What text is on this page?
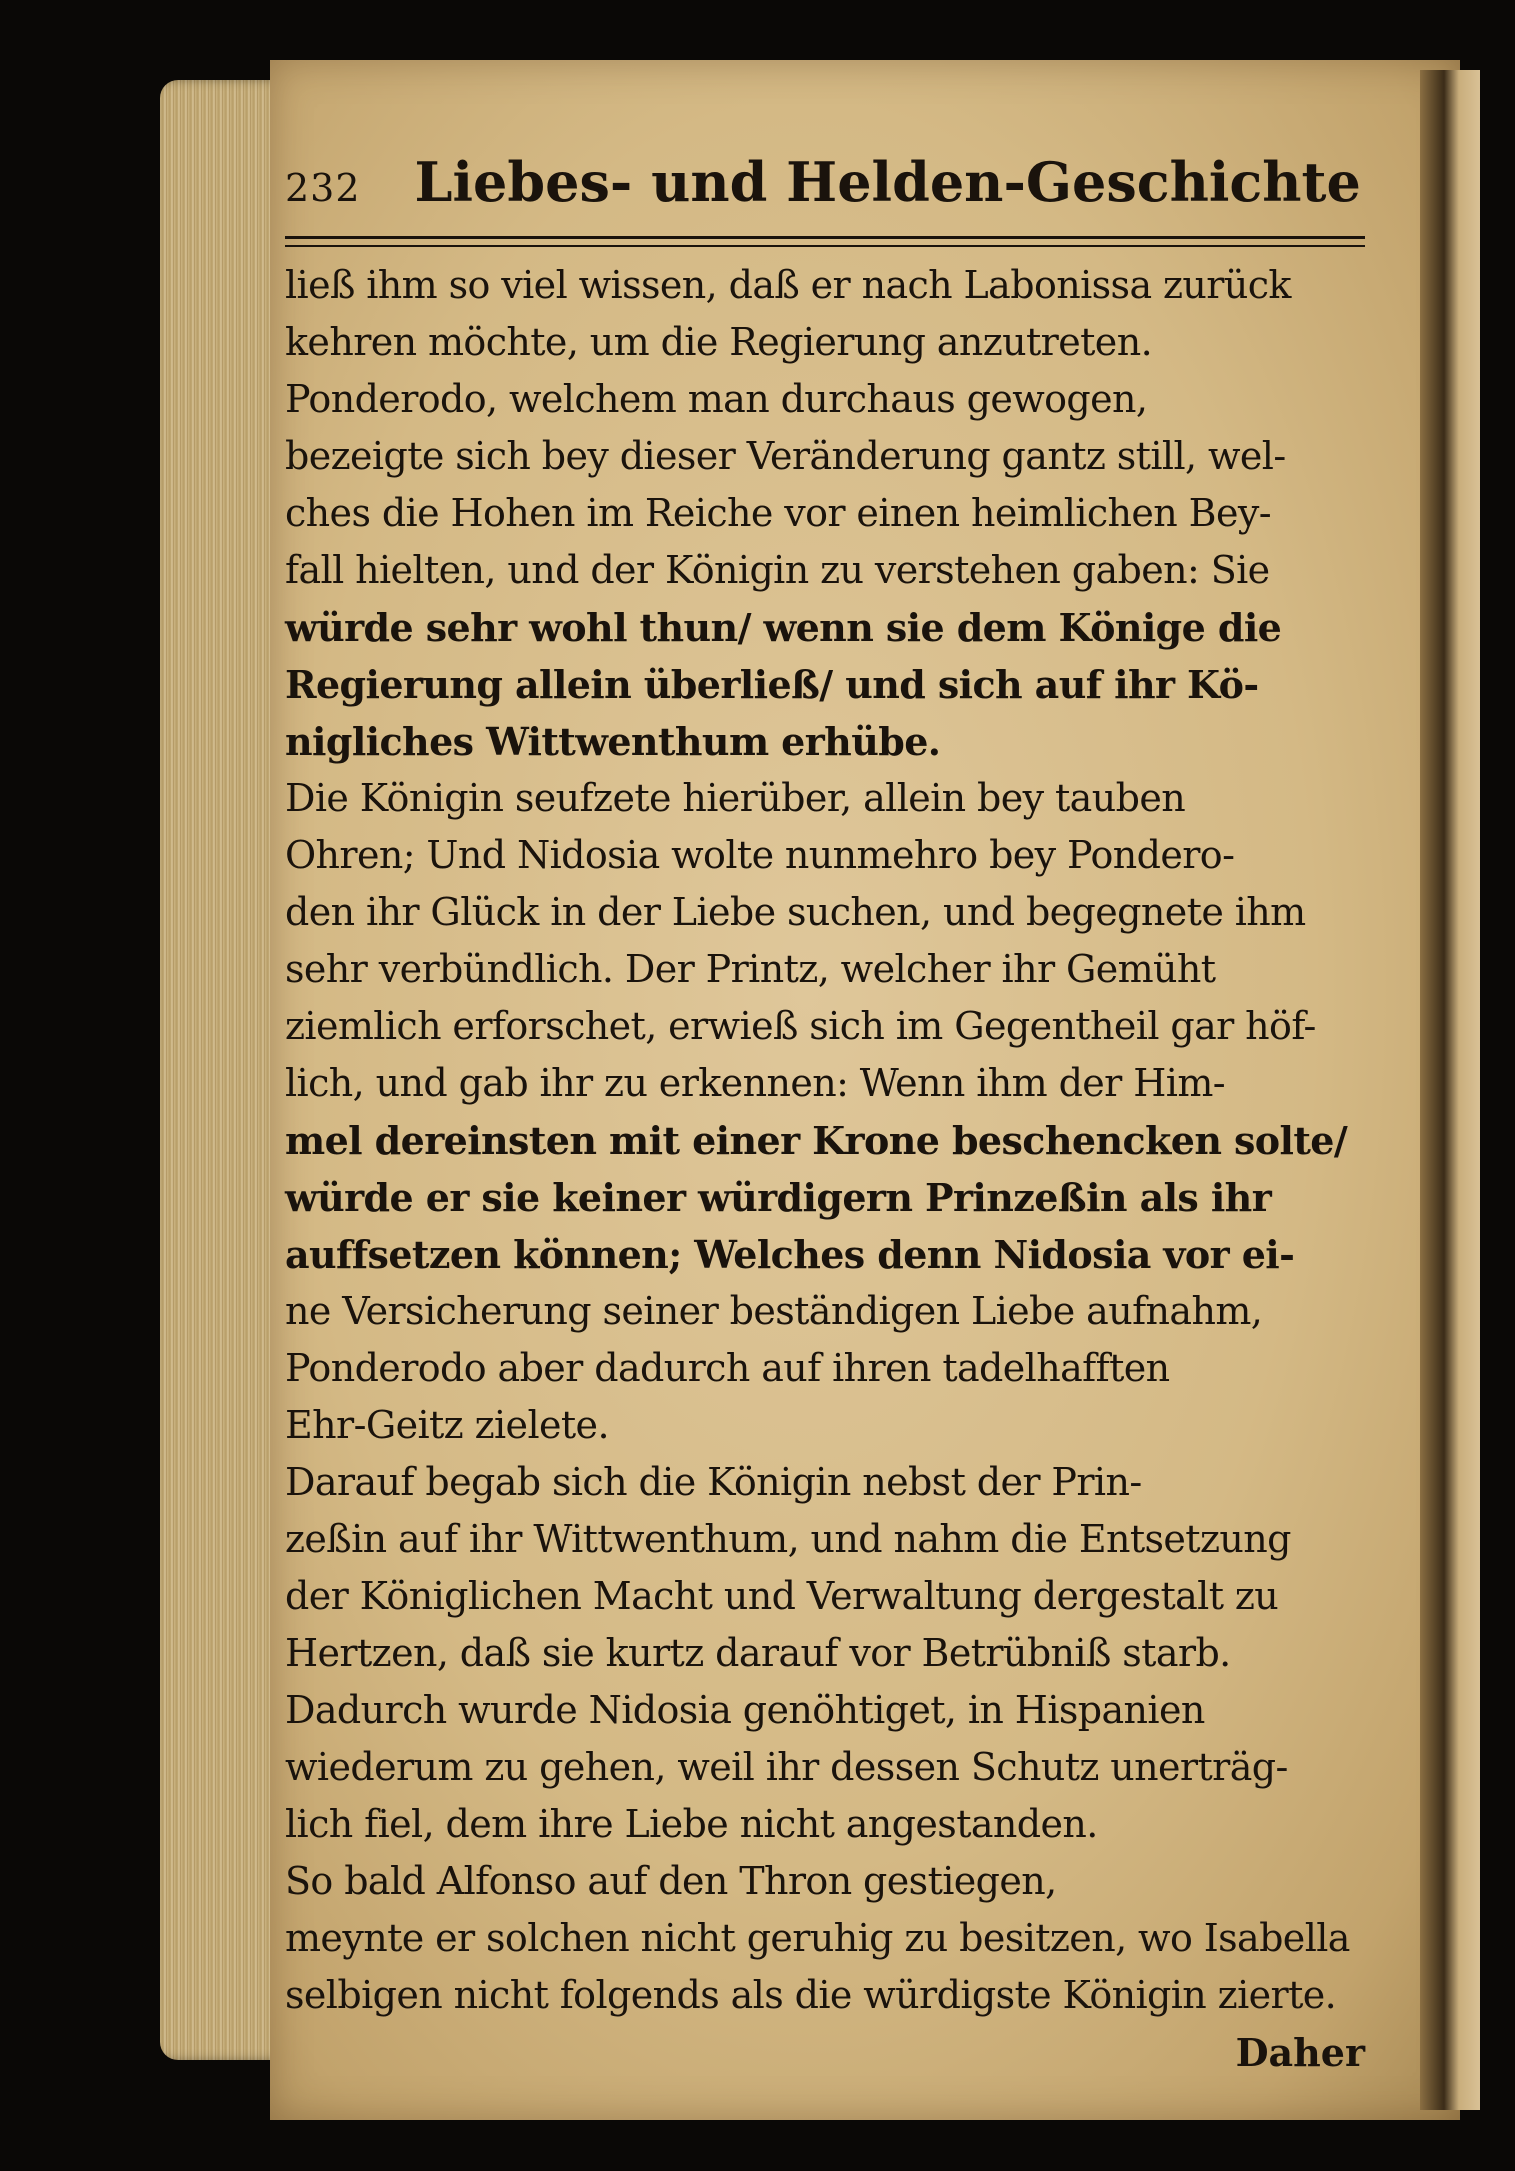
232 Liebes- und Helden-Geschichte
ließ ihm so viel wissen, daß er nach Labonissa zurück
kehren möchte, um die Regierung anzutreten.
Ponderodo, welchem man durchaus gewogen,
bezeigte sich bey dieser Veränderung gantz still, wel-
ches die Hohen im Reiche vor einen heimlichen Bey-
fall hielten, und der Königin zu verstehen gaben: Sie
würde sehr wohl thun/ wenn sie dem Könige die
Regierung allein überließ/ und sich auf ihr Kö-
nigliches Wittwenthum erhübe.
Die Königin seufzete hierüber, allein bey tauben
Ohren; Und Nidosia wolte nunmehro bey Pondero-
den ihr Glück in der Liebe suchen, und begegnete ihm
sehr verbündlich. Der Printz, welcher ihr Gemüht
ziemlich erforschet, erwieß sich im Gegentheil gar höf-
lich, und gab ihr zu erkennen: Wenn ihm der Him-
mel dereinsten mit einer Krone beschencken solte/
würde er sie keiner würdigern Prinzeßin als ihr
auffsetzen können; Welches denn Nidosia vor ei-
ne Versicherung seiner beständigen Liebe aufnahm,
Ponderodo aber dadurch auf ihren tadelhafften
Ehr-Geitz zielete.
Darauf begab sich die Königin nebst der Prin-
zeßin auf ihr Wittwenthum, und nahm die Entsetzung
der Königlichen Macht und Verwaltung dergestalt zu
Hertzen, daß sie kurtz darauf vor Betrübniß starb.
Dadurch wurde Nidosia genöhtiget, in Hispanien
wiederum zu gehen, weil ihr dessen Schutz unerträg-
lich fiel, dem ihre Liebe nicht angestanden.
So bald Alfonso auf den Thron gestiegen,
meynte er solchen nicht geruhig zu besitzen, wo Isabella
selbigen nicht folgends als die würdigste Königin zierte.
Daher
